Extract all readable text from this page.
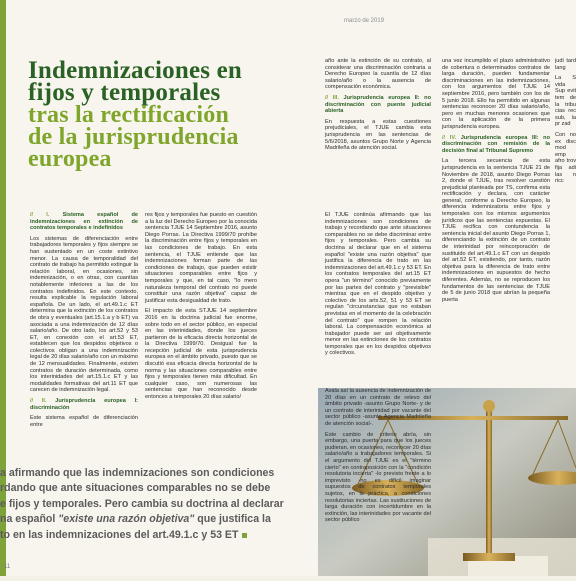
marzo de 2019
Indemnizaciones en
fijos y temporales
tras la rectificación
de la jurisprudencia
europea

// I. Sistema español de indemnizaciones en extinción de contratos temporales e indefinidos

Los sistemas de diferenciación entre trabajadores temporales y fijos siempre se han sustentado en un coste extintivo menor. La causa de temporalidad del contrato de trabajo ha permitido extinguir la relación laboral, en ocasiones, sin indemnización, o en otras, con cuantías notablemente inferiores a las de los contratos indefinidos. En este contexto, resulta explicable la regulación laboral española. De un lado, el art.49.1.c ET determina que la extinción de los contratos de obra y eventuales (art.15.1.a y b ET) va asociada a una indemnización de 12 días salario/año. De otro lado, los art.52 y 53 ET, en conexión con el art.53 ET, establecen que los despidos objetivos o colectivos obligan a una indemnización legal de 20 días salario/año con un máximo de 12 mensualidades. Finalmente, existen contratos de duración determinada, como los interinidades del art.15.1.c ET y las modalidades formativas del art.11 ET que carecen de indemnización legal.

// II. Jurisprudencia europea I: discriminación

Este sistema español de diferenciación entre

res fijos y temporales fue puesto en cuestión a la luz del Derecho Europeo por la conocida sentencia TJUE 14 Septiembre 2016, asunto Diego Porras. La Directiva 1999/70 prohíbe la discriminación entre fijos y temporales en las condiciones de trabajo. En esta sentencia, el TJUE entiende que las indemnizaciones forman parte de las condiciones de trabajo, que pueden existir situaciones comparables entre fijos y temporales y que, en tal caso, "lo mero naturaleza temporal del contrato no puede constituir una razón objetiva" capaz de justificar esta desigualdad de trato.

El impacto de esta STJUE 14 septiembre 2016 en la doctrina judicial fue enorme, sobre todo en el sector público, en especial en las interinidades, donde los jueces partieron de la eficacia directa horizontal de la Directiva 1999/70. Desigual fue la recepción judicial de esta jurisprudencia europea en el ámbito privado, puesto que se discutió esa eficacia directa horizontal de la norma y las situaciones comparables entre fijos y temporales tienen más dificultad. En cualquier caso, son numerosas las sentencias que han reconocido desde entonces a temporales 20 días salario/

año ante la extinción de su contrato, al considerar una discriminación contraria a Derecho Europeo la cuantía de 12 días salario/año o la ausencia de compensación económica.

// III. Jurisprudencia europea II: no discriminación con puente judicial abierta

En respuesta a estas cuestiones prejudiciales, el TJUE cambia esta jurisprudencia en las sentencias de 5/6/2018, asuntos Grupo Norte y Agencia Madrileña de atención social.

una vez incumplido el plazo administrativo de cobertura o determinados contratos de larga duración, pueden fundamentar discriminaciones en las indemnizaciones, con los argumentos del TJUE 14 septiembre 2016, pero también con los de 5 junio 2018. Ello ha permitido en algunas sentencias reconocer 20 días salario/año, pero en muchas menores ocasiones que con la aplicación de la primera jurisprudencia europea.

// IV. Jurisprudencia europea III: no discriminación con remisión de la decisión final al Tribunal Supremo

La tercera secuencia de esta jurisprudencia es la sentencia TJUE 21 de Noviembre de 2018, asunto Diego Porras 2, donde el TJUE, tras resolver cuestión prejudicial planteada por TS, confirma esta rectificación y declara, con carácter general, conforme a Derecho Europeo, la diferencia indemnizatoria entre fijos y temporales con los mismos argumentos jurídicos que las sentencias expuestas. El TJUE recifica con contundencia la sentencia inicial del asunto Diego Porras 1, diferenciando la extinción de un contrato de interinidad por reincorporación de sustituido del art.49.1.c ET con un despido del art.52 ET, existiendo, por tanto, razón objetiva para la diferencia de trato entre indemnizaciones en supuestos de hecho diferentes. Además, no se reproducen los fundamentos de las sentencias de TJUE de 5 de junio 2018 que abrían la pequeña puerta

El TJUE continúa afirmando que las indemnizaciones son condiciones de trabajo y recordando que ante situaciones comparables no se debe discriminar entre fijos y temporales. Pero cambia su doctrina al declarar que en el sistema español "existe una razón objetiva" que justifica la diferencia de trato en las indemnizaciones del art.49.1.c y 53 ET. En los contratos temporales del art.15 ET opera "un término" conocido previamente por las partes del contrato y "previsible" mientras que en el despido objetivo y colectivo de los arts.52, 51 y 53 ET se regulan "circunstancias que no estaban previstas en el momento de la celebración del contrato" que rompen la relación laboral. La compensación económica al trabajador puede ser así objetivamente menor en las extinciones de los contratos temporales que en los despidos objetivos y colectivos.

judi tard lang

La S vida Sup evit tem de la tribu cias rec sub, la pr zad

Con no ex disc mod emp afro trov fija adi las n ricc

Avala así la ausencia de indemnización de 20 días en un contrato de relevo del ámbito privado -asunto Grupo Norte- y de un contrato de interinidad por vacante del sector público -asunto Agencia Madrileña de atención social-.

Este cambio de criterio abría, sin embargo, una puerta para que los jueces pudieran, en ocasiones, reconocer 20 días salario/año a trabajadores temporales. Si el argumento del TJUE es el "término cierto" en contraposición con la "condición resolutoria incierta" -lo previsto frente a lo imprevisto -no es difícil imaginar supuestos de contratos temporales sujetos, en la práctica, a condiciones resolutorias inciertas. Las sustituciones de larga duración con incertidumbre en la extinción, las interinidades por vacante del sector público

a afirmando que las indemnizaciones son condiciones
rdando que ante situaciones comparables no se debe
e fijos y temporales. Pero cambia su doctrina al declarar
na español "existe una razón objetiva" que justifica la
to en las indemnizaciones del art.49.1.c y 53 ET
11
